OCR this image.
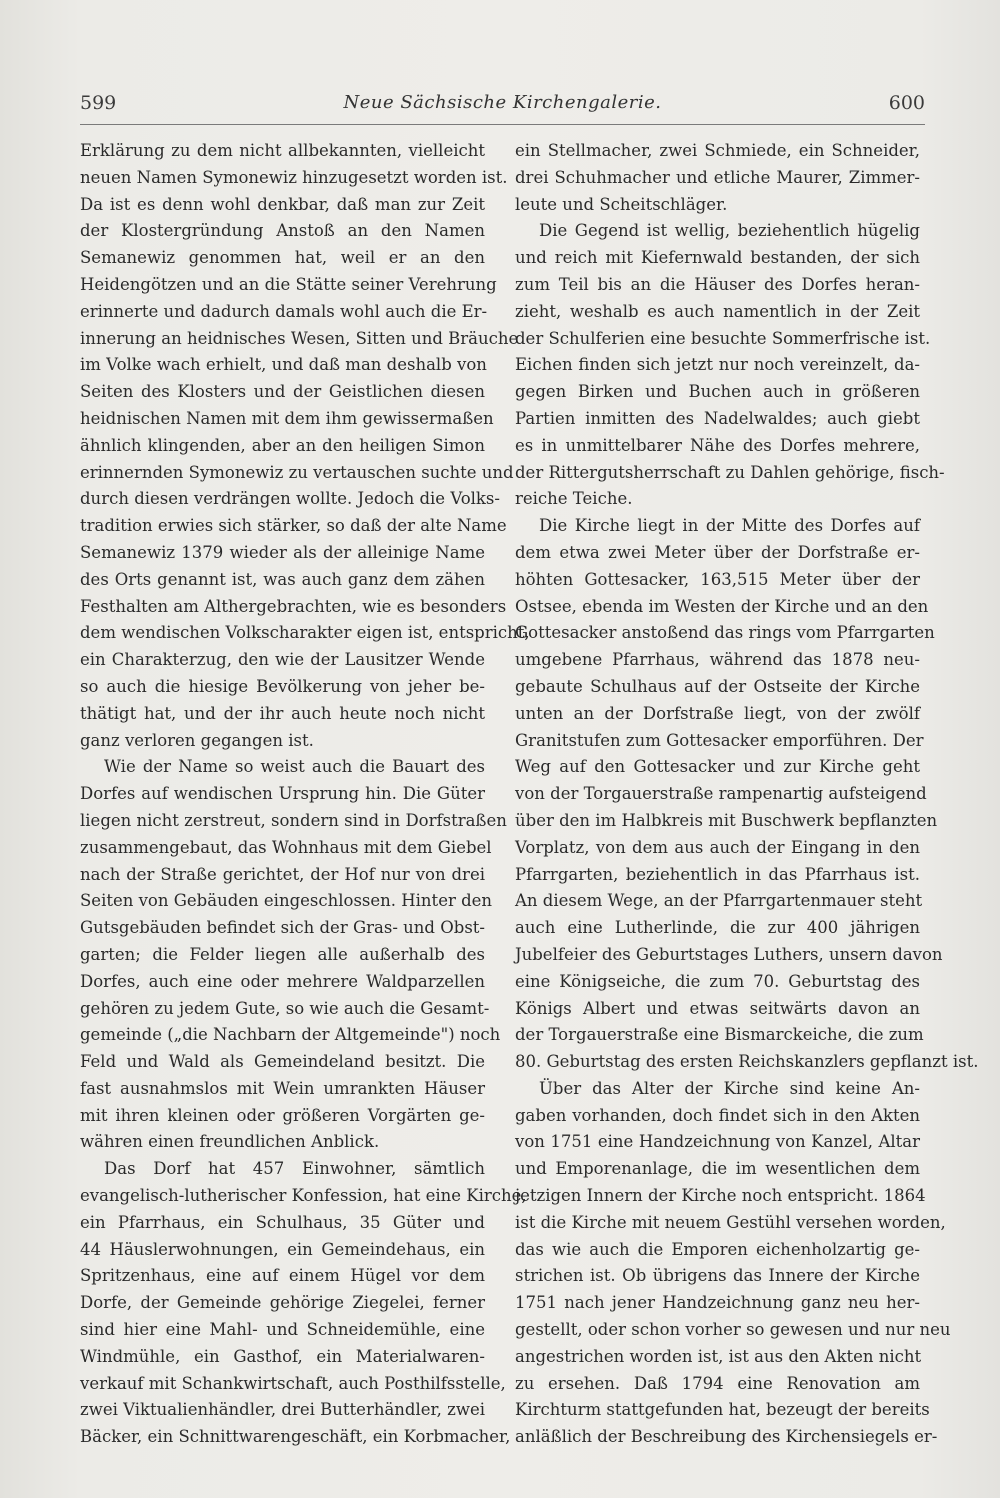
599	Neue Sächsische Kirchengalerie.	600
Erklärung zu dem nicht allbekannten, vielleicht
neuen Namen Symonewiz hinzugesetzt worden ist.
Da ist es denn wohl denkbar, daß man zur Zeit
der Klostergründung Anstoß an den Namen
Semanewiz genommen hat, weil er an den
Heidengötzen und an die Stätte seiner Verehrung
erinnerte und dadurch damals wohl auch die Er-
innerung an heidnisches Wesen, Sitten und Bräuche
im Volke wach erhielt, und daß man deshalb von
Seiten des Klosters und der Geistlichen diesen
heidnischen Namen mit dem ihm gewissermaßen
ähnlich klingenden, aber an den heiligen Simon
erinnernden Symonewiz zu vertauschen suchte und
durch diesen verdrängen wollte. Jedoch die Volks-
tradition erwies sich stärker, so daß der alte Name
Semanewiz 1379 wieder als der alleinige Name
des Orts genannt ist, was auch ganz dem zähen
Festhalten am Althergebrachten, wie es besonders
dem wendischen Volkscharakter eigen ist, entspricht,
ein Charakterzug, den wie der Lausitzer Wende
so auch die hiesige Bevölkerung von jeher be-
thätigt hat, und der ihr auch heute noch nicht
ganz verloren gegangen ist.
Wie der Name so weist auch die Bauart des
Dorfes auf wendischen Ursprung hin. Die Güter
liegen nicht zerstreut, sondern sind in Dorfstraßen
zusammengebaut, das Wohnhaus mit dem Giebel
nach der Straße gerichtet, der Hof nur von drei
Seiten von Gebäuden eingeschlossen. Hinter den
Gutsgebäuden befindet sich der Gras- und Obst-
garten; die Felder liegen alle außerhalb des
Dorfes, auch eine oder mehrere Waldparzellen
gehören zu jedem Gute, so wie auch die Gesamt-
gemeinde („die Nachbarn der Altgemeinde") noch
Feld und Wald als Gemeindeland besitzt. Die
fast ausnahmslos mit Wein umrankten Häuser
mit ihren kleinen oder größeren Vorgärten ge-
währen einen freundlichen Anblick.
Das Dorf hat 457 Einwohner, sämtlich
evangelisch-lutherischer Konfession, hat eine Kirche,
ein Pfarrhaus, ein Schulhaus, 35 Güter und
44 Häuslerwohnungen, ein Gemeindehaus, ein
Spritzenhaus, eine auf einem Hügel vor dem
Dorfe, der Gemeinde gehörige Ziegelei, ferner
sind hier eine Mahl- und Schneidemühle, eine
Windmühle, ein Gasthof, ein Materialwaren-
verkauf mit Schankwirtschaft, auch Posthilfsstelle,
zwei Viktualienhändler, drei Butterhändler, zwei
Bäcker, ein Schnittwarengeschäft, ein Korbmacher,
ein Stellmacher, zwei Schmiede, ein Schneider,
drei Schuhmacher und etliche Maurer, Zimmer-
leute und Scheitschläger.
Die Gegend ist wellig, beziehentlich hügelig
und reich mit Kiefernwald bestanden, der sich
zum Teil bis an die Häuser des Dorfes heran-
zieht, weshalb es auch namentlich in der Zeit
der Schulferien eine besuchte Sommerfrische ist.
Eichen finden sich jetzt nur noch vereinzelt, da-
gegen Birken und Buchen auch in größeren
Partien inmitten des Nadelwaldes; auch giebt
es in unmittelbarer Nähe des Dorfes mehrere,
der Rittergutsherrschaft zu Dahlen gehörige, fisch-
reiche Teiche.
Die Kirche liegt in der Mitte des Dorfes auf
dem etwa zwei Meter über der Dorfstraße er-
höhten Gottesacker, 163,515 Meter über der
Ostsee, ebenda im Westen der Kirche und an den
Gottesacker anstoßend das rings vom Pfarrgarten
umgebene Pfarrhaus, während das 1878 neu-
gebaute Schulhaus auf der Ostseite der Kirche
unten an der Dorfstraße liegt, von der zwölf
Granitstufen zum Gottesacker emporführen. Der
Weg auf den Gottesacker und zur Kirche geht
von der Torgauerstraße rampenartig aufsteigend
über den im Halbkreis mit Buschwerk bepflanzten
Vorplatz, von dem aus auch der Eingang in den
Pfarrgarten, beziehentlich in das Pfarrhaus ist.
An diesem Wege, an der Pfarrgartenmauer steht
auch eine Lutherlinde, die zur 400 jährigen
Jubelfeier des Geburtstages Luthers, unsern davon
eine Königseiche, die zum 70. Geburtstag des
Königs Albert und etwas seitwärts davon an
der Torgauerstraße eine Bismarckeiche, die zum
80. Geburtstag des ersten Reichskanzlers gepflanzt ist.
Über das Alter der Kirche sind keine An-
gaben vorhanden, doch findet sich in den Akten
von 1751 eine Handzeichnung von Kanzel, Altar
und Emporenanlage, die im wesentlichen dem
jetzigen Innern der Kirche noch entspricht. 1864
ist die Kirche mit neuem Gestühl versehen worden,
das wie auch die Emporen eichenholzartig ge-
strichen ist. Ob übrigens das Innere der Kirche
1751 nach jener Handzeichnung ganz neu her-
gestellt, oder schon vorher so gewesen und nur neu
angestrichen worden ist, ist aus den Akten nicht
zu ersehen. Daß 1794 eine Renovation am
Kirchturm stattgefunden hat, bezeugt der bereits
anläßlich der Beschreibung des Kirchensiegels er-
